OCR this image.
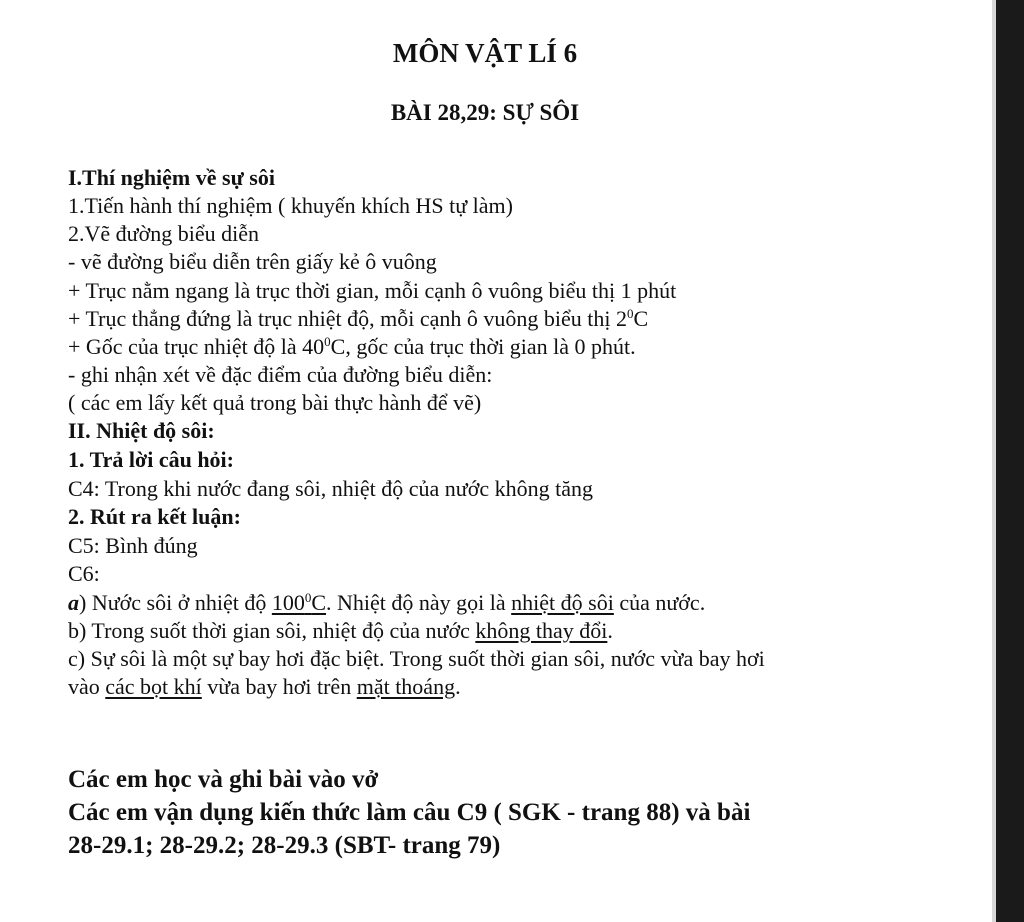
MÔN VẬT LÍ 6
BÀI 28,29: SỰ SÔI
I.Thí nghiệm về sự sôi
1.Tiến hành thí nghiệm ( khuyến khích HS tự làm)
2.Vẽ đường biểu diễn
- vẽ đường biểu diễn trên giấy kẻ ô vuông
+ Trục nằm ngang là trục thời gian, mỗi cạnh ô vuông biểu thị 1 phút
+ Trục thẳng đứng là trục nhiệt độ, mỗi cạnh ô vuông biểu thị $2^0C$
+ Gốc của trục nhiệt độ là $40^0C$, gốc của trục thời gian là 0 phút.
- ghi nhận xét về đặc điểm của đường biểu diễn:
( các em lấy kết quả trong bài thực hành để vẽ)
II. Nhiệt độ sôi:
1. Trả lời câu hỏi:
C4: Trong khi nước đang sôi, nhiệt độ của nước không tăng
2. Rút ra kết luận:
C5: Bình đúng
C6:
a) Nước sôi ở nhiệt độ $100^0C$. Nhiệt độ này gọi là nhiệt độ sôi của nước.
b) Trong suốt thời gian sôi, nhiệt độ của nước không thay đổi.
c) Sự sôi là một sự bay hơi đặc biệt. Trong suốt thời gian sôi, nước vừa bay hơi
vào các bọt khí vừa bay hơi trên mặt thoáng.
Các em học và ghi bài vào vở
Các em vận dụng kiến thức làm câu C9 ( SGK - trang 88) và bài
28-29.1; 28-29.2; 28-29.3 (SBT- trang 79)
